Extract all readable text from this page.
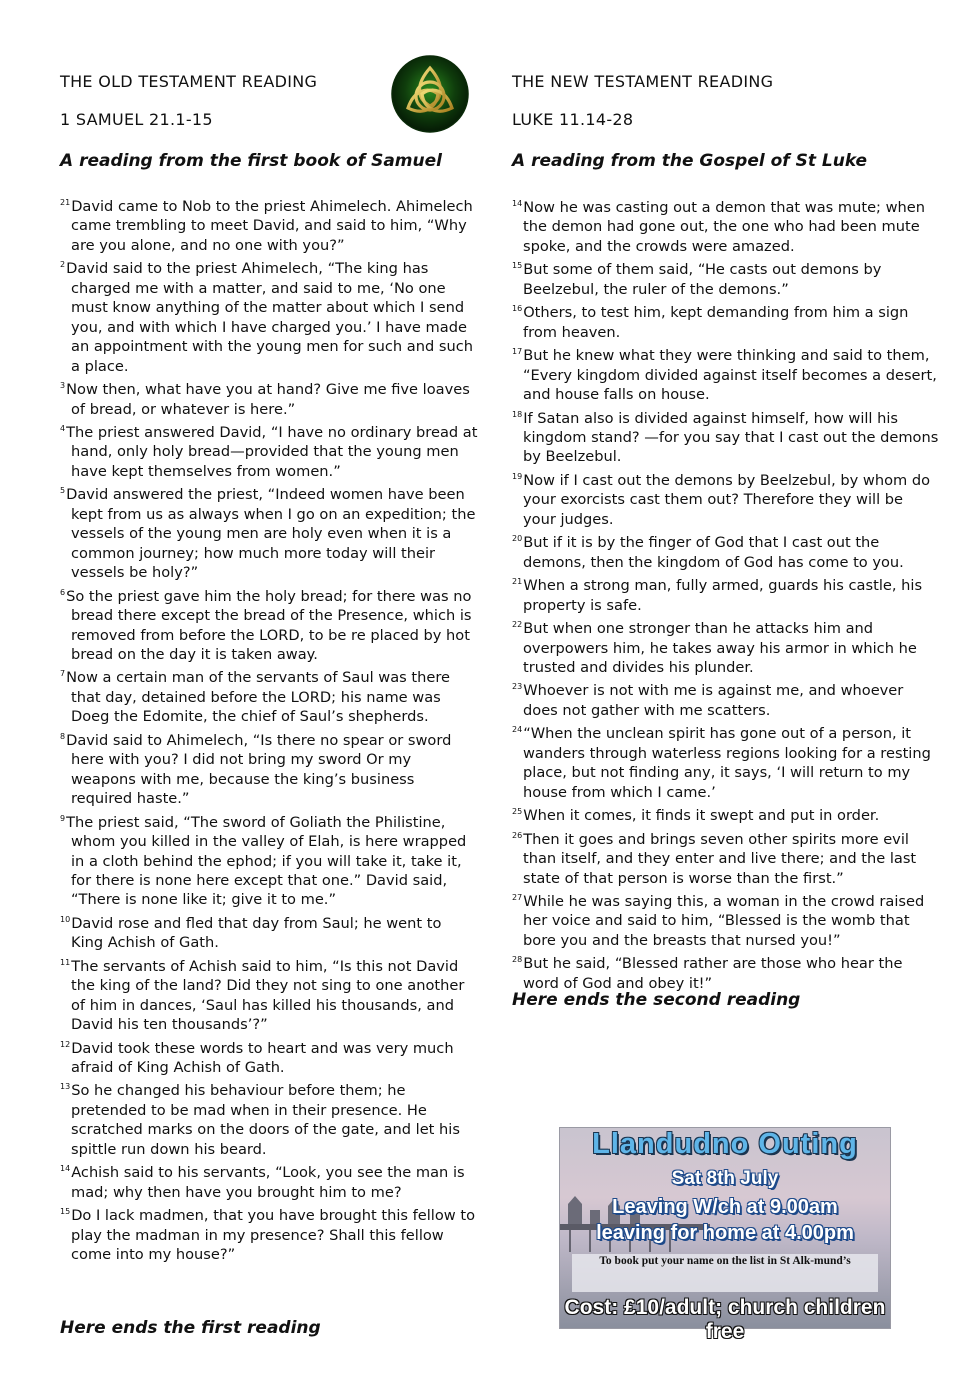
THE OLD TESTAMENT READING
1 SAMUEL 21.1-15
A reading from the first book of Samuel
$^{21}$David came to Nob to the priest Ahimelech. Ahimelech came trembling to meet David, and said to him, “Why are you alone, and no one with you?”
$^2$David said to the priest Ahimelech, “The king has charged me with a matter, and said to me, ‘No one must know anything of the matter about which I send you, and with which I have charged you.’ I have made an appointment with the young men for such and such a place.
$^3$Now then, what have you at hand? Give me five loaves of bread, or whatever is here.”
$^4$The priest answered David, “I have no ordinary bread at hand, only holy bread—provided that the young men have kept themselves from women.”
$^5$David answered the priest, “Indeed women have been kept from us as always when I go on an expedition; the vessels of the young men are holy even when it is a common journey; how much more today will their vessels be holy?”
$^6$So the priest gave him the holy bread; for there was no bread there except the bread of the Presence, which is removed from before the LORD, to be re placed by hot bread on the day it is taken away.
$^7$Now a certain man of the servants of Saul was there that day, detained before the LORD; his name was Doeg the Edomite, the chief of Saul’s shepherds.
$^8$David said to Ahimelech, “Is there no spear or sword here with you? I did not bring my sword Or my weapons with me, because the king’s business required haste.”
$^9$The priest said, “The sword of Goliath the Philistine, whom you killed in the valley of Elah, is here wrapped in a cloth behind the ephod; if you will take it, take it, for there is none here except that one.” David said, “There is none like it; give it to me.”
$^{10}$David rose and fled that day from Saul; he went to King Achish of Gath.
$^{11}$The servants of Achish said to him, “Is this not David the king of the land? Did they not sing to one another of him in dances, ‘Saul has killed his thousands, and David his ten thousands’?”
$^{12}$David took these words to heart and was very much afraid of King Achish of Gath.
$^{13}$So he changed his behaviour before them; he pretended to be mad when in their presence. He scratched marks on the doors of the gate, and let his spittle run down his beard.
$^{14}$Achish said to his servants, “Look, you see the man is mad; why then have you brought him to me?
$^{15}$Do I lack madmen, that you have brought this fellow to play the madman in my presence? Shall this fellow come into my house?”
Here ends the first reading
THE NEW TESTAMENT READING
LUKE 11.14-28
A reading from the Gospel of St Luke
$^{14}$Now he was casting out a demon that was mute; when the demon had gone out, the one who had been mute spoke, and the crowds were amazed.
$^{15}$But some of them said, “He casts out demons by Beelzebul, the ruler of the demons.”
$^{16}$Others, to test him, kept demanding from him a sign from heaven.
$^{17}$But he knew what they were thinking and said to them, “Every kingdom divided against itself becomes a desert, and house falls on house.
$^{18}$If Satan also is divided against himself, how will his kingdom stand? —for you say that I cast out the demons by Beelzebul.
$^{19}$Now if I cast out the demons by Beelzebul, by whom do your exorcists cast them out? Therefore they will be your judges.
$^{20}$But if it is by the finger of God that I cast out the demons, then the kingdom of God has come to you.
$^{21}$When a strong man, fully armed, guards his castle, his property is safe.
$^{22}$But when one stronger than he attacks him and overpowers him, he takes away his armor in which he trusted and divides his plunder.
$^{23}$Whoever is not with me is against me, and whoever does not gather with me scatters.
$^{24}$“When the unclean spirit has gone out of a person, it wanders through waterless regions looking for a resting place, but not finding any, it says, ‘I will return to my house from which I came.’
$^{25}$When it comes, it finds it swept and put in order.
$^{26}$Then it goes and brings seven other spirits more evil than itself, and they enter and live there; and the last state of that person is worse than the first.”
$^{27}$While he was saying this, a woman in the crowd raised her voice and said to him, “Blessed is the womb that bore you and the breasts that nursed you!”
$^{28}$But he said, “Blessed rather are those who hear the word of God and obey it!”
Here ends the second reading
Llandudno Outing
Sat 8th July
Leaving W/ch at 9.00am
leaving for home at 4.00pm
To book put your name on the list in St Alk-mund’s
Cost: £10/adult; church children free
